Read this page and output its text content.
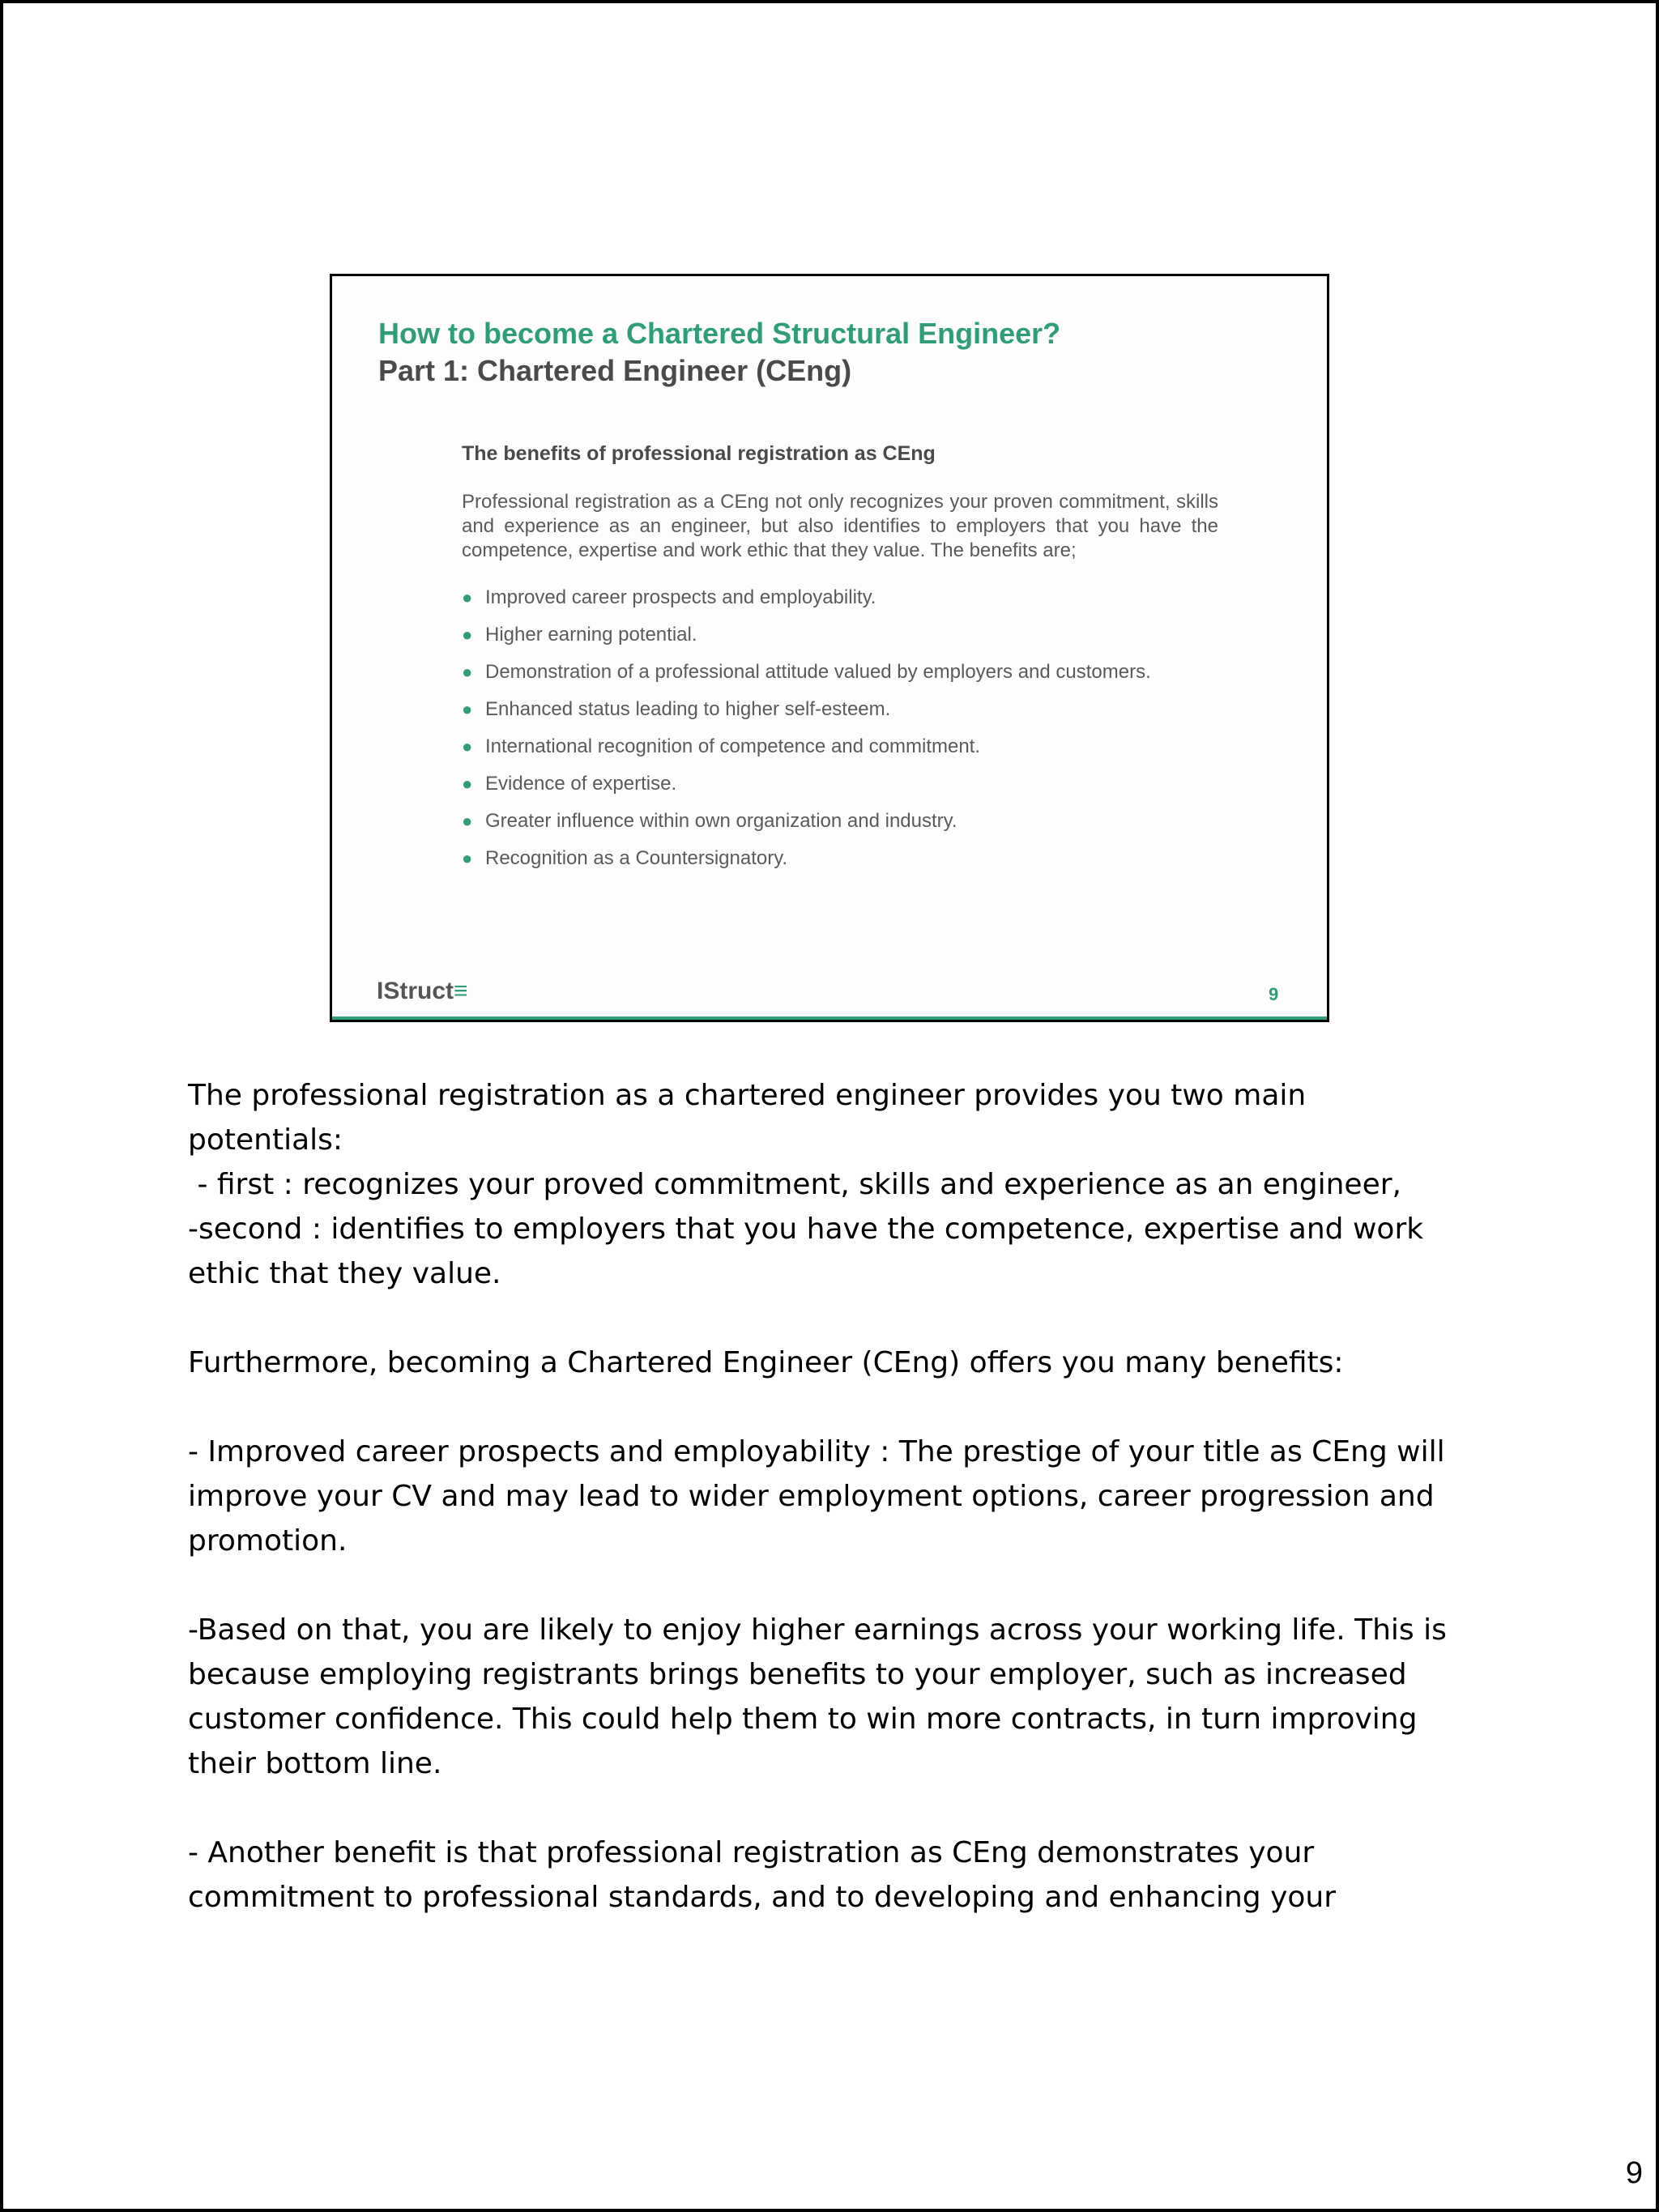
How to become a Chartered Structural Engineer?
Part 1: Chartered Engineer (CEng)

The benefits of professional registration as CEng

Professional registration as a CEng not only recognizes your proven commitment, skills and experience as an engineer, but also identifies to employers that you have the competence, expertise and work ethic that they value. The benefits are;

● Improved career prospects and employability.
● Higher earning potential.
● Demonstration of a professional attitude valued by employers and customers.
● Enhanced status leading to higher self-esteem.
● International recognition of competence and commitment.
● Evidence of expertise.
● Greater influence within own organization and industry.
● Recognition as a Countersignatory.
IStruct≡	9

The professional registration as a chartered engineer provides you two main

potentials:

- first : recognizes your proved commitment, skills and experience as an engineer,

-second : identifies to employers that you have the competence, expertise and work

ethic that they value.

Furthermore, becoming a Chartered Engineer (CEng) offers you many benefits:

- Improved career prospects and employability : The prestige of your title as CEng will

improve your CV and may lead to wider employment options, career progression and

promotion.

-Based on that, you are likely to enjoy higher earnings across your working life. This is

because employing registrants brings benefits to your employer, such as increased

customer confidence. This could help them to win more contracts, in turn improving

their bottom line.

- Another benefit is that professional registration as CEng demonstrates your

commitment to professional standards, and to developing and enhancing your

9
